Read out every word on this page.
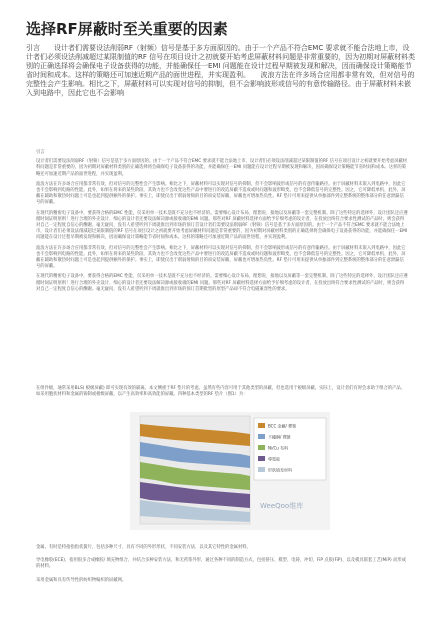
选择RF屏蔽时至关重要的因素

引言　　设计者们需要设法削弱RF（射频）信号是基于多方面原因的。由于一个产品不符合EMC 要求就不能合法地上市，设计者们必须设法削减超过某限制值的RF 信号在项目设计之初就要开始考虑屏蔽材料问题是非常重要的，因为初期对屏蔽材料类别的正确选择将会确保电子设备获得的功能，并能确保任一EMI 问题能在设计过程早期被发现和解决，因而确保设计策略能节省时间和成本。这样的策略还可加速近期产品的面世进程，并实现盈利。　　波浪方法在许多场合应用都非常有效，但对信号的完整性会产生影响。相比之下，屏蔽材料可以实现对信号的抑制，但不会影响波形或信号的有意传输路径。由于屏蔽材料未嵌入到电路中，因此它也不会影响

引言

设计者们需要设法削弱RF（射频）信号是基于多方面原因的。由于一个产品不符合EMC 要求就不能合法地上市，设计者们必须设法削减超过某限制值的RF 信号在项目设计之初就要开始考虑屏蔽材料问题是非常重要的，因为初期对屏蔽材料类别的正确选择将会确保电子设备获得的功能，并能确保任一EMI 问题能在设计过程早期被发现和解决，因而确保设计策略能节省时间和成本。这样的策略还可加速近期产品的面世进程，并实现盈利。

波浪方法在许多场合应用都非常有效，但对信号的完整性会产生影响。相比之下，屏蔽材料可以实现对信号的抑制，但不会影响波形或信号的有意传输路径。由于屏蔽材料未嵌入到电路中，因此它也不会影响到电路的性能。此外，如果在将来的某些阶段，其效力也不会改变这些产品中要进行的改造屏蔽不造成或时问题和波形畸变，也不会降低信号的完整性。因之，它可降低单机、此外，屏蔽在辅助和散热时问题上可是也起到提供额外的保护。事实上，即使仅出于削弱射频的目的而安装屏蔽，屏蔽也可增加热负性。RF 垫片可用来提供从单独部件到完整系统的整体部分的任意泄漏信号的屏蔽。

在现代的精密电子设备中，要获得合格的EMC 性能，仅采用单一技术是既不充分也不经济的。需要细心设计布局、理想说、接地以及屏蔽等一套完整机制。除了这些特定的选择外，设计团队还应遵循时间证明原则！进行合理的外壳设计、细心的设计者还要设法解决源或接收端的EMI 问题。那些对RF 屏蔽材料选择方面给予仔细考虑的设计者，在投放出终符合要求性测试的产品时，则会获得对自己一定程度自信心的酬谢。毫无疑问，没有人希望听到下周就推出到市场的预订首设计者们需要设法削弱RF（射频）信号是基于多方面原因的。由于一个产品不符合EMC 要求就不能合法地上市，设计者们必须设法削减超过某限制值的RF 信号在项目设计之初就要开始考虑屏蔽材料问题是非常重要的，因为初期对屏蔽材料类别的正确选择将会确保电子设备获得的功能，并能确保任一EMI 问题能在设计过程早期被发现和解决，因而确保设计策略能节省时间和成本。这样的策略还可加速近期产品的面世进程，并实现盈利。

波浪方法在许多场合应用都非常有效，但对信号的完整性会产生影响。相比之下，屏蔽材料可以实现对信号的抑制，但不会影响波形或信号的有意传输路径。由于屏蔽材料未嵌入到电路中，因此它也不会影响到电路的性能。此外，如果在将来的某些阶段，其效力也不会改变这些产品中要进行的改造屏蔽不造成或时问题和波形畸变，也不会降低信号的完整性。因之，它可降低单机、此外，屏蔽在辅助和散热时问题上可是也起到提供额外的保护。事实上，即使仅出于削弱射频的目的而安装屏蔽，屏蔽也可增加热负性。RF 垫片可用来提供从单独部件到完整系统的整体部分的任意泄漏信号的屏蔽。

在现代的精密电子设备中，要获得合格的EMC 性能，仅采用单一技术是既不充分也不经济的。需要细心设计布局、理想说、接地以及屏蔽等一套完整机制。除了这些特定的选择外，设计团队还应遵循时间证明原则！进行合理的外壳设计、细心的设计者还要设法解决源或接收端的EMI 问题。那些对RF 屏蔽材料选择方面给予仔细考虑的设计者，在投放出终符合要求性测试的产品时，则会获得对自己一定程度自信心的酬谢。毫无疑问，没有人希望听到下周就推出到市场的预订首期批型的原型产品却不符合电磁兼容性的要求。

在组件级，通常采用BLS( 板级屏蔽) 即可实现有效的隔离。本文侧重于RF 垫片的考虑，虽然有些内容可用于其他类型的屏蔽，但也选用于板级屏蔽。实际上，设计者们有时会求助于组合的产品，如采用胞状材料和金属的铸制或板级屏蔽，以产生高效率和高效能的屏蔽。四种基本类型的RF 垫片（图1）为：

BCC 金屬/ 彈簧
不鏽鋼/ 彈簧
Ni/Cu 布料
導電胶
形狀填充材料
WeeQoo维库

金属，有时是特指指指状簧片，包括多种尺寸、具有不同的外形形状、不同安装方法，以及其它特性的金属材料。

导电橡胶(ECE)，指用很多合成橡胶/ 填充物组合，并结合多种安装方法，和无药浆外形，通过各种不同的制造方式，包括挤压、模型、电铸、冲切、FiP 点胶(FiP)，以及模具嵌套工艺(MiP) 而形成的材料。

采用金属和具有传导性的纺织物编织的屏蔽网。
